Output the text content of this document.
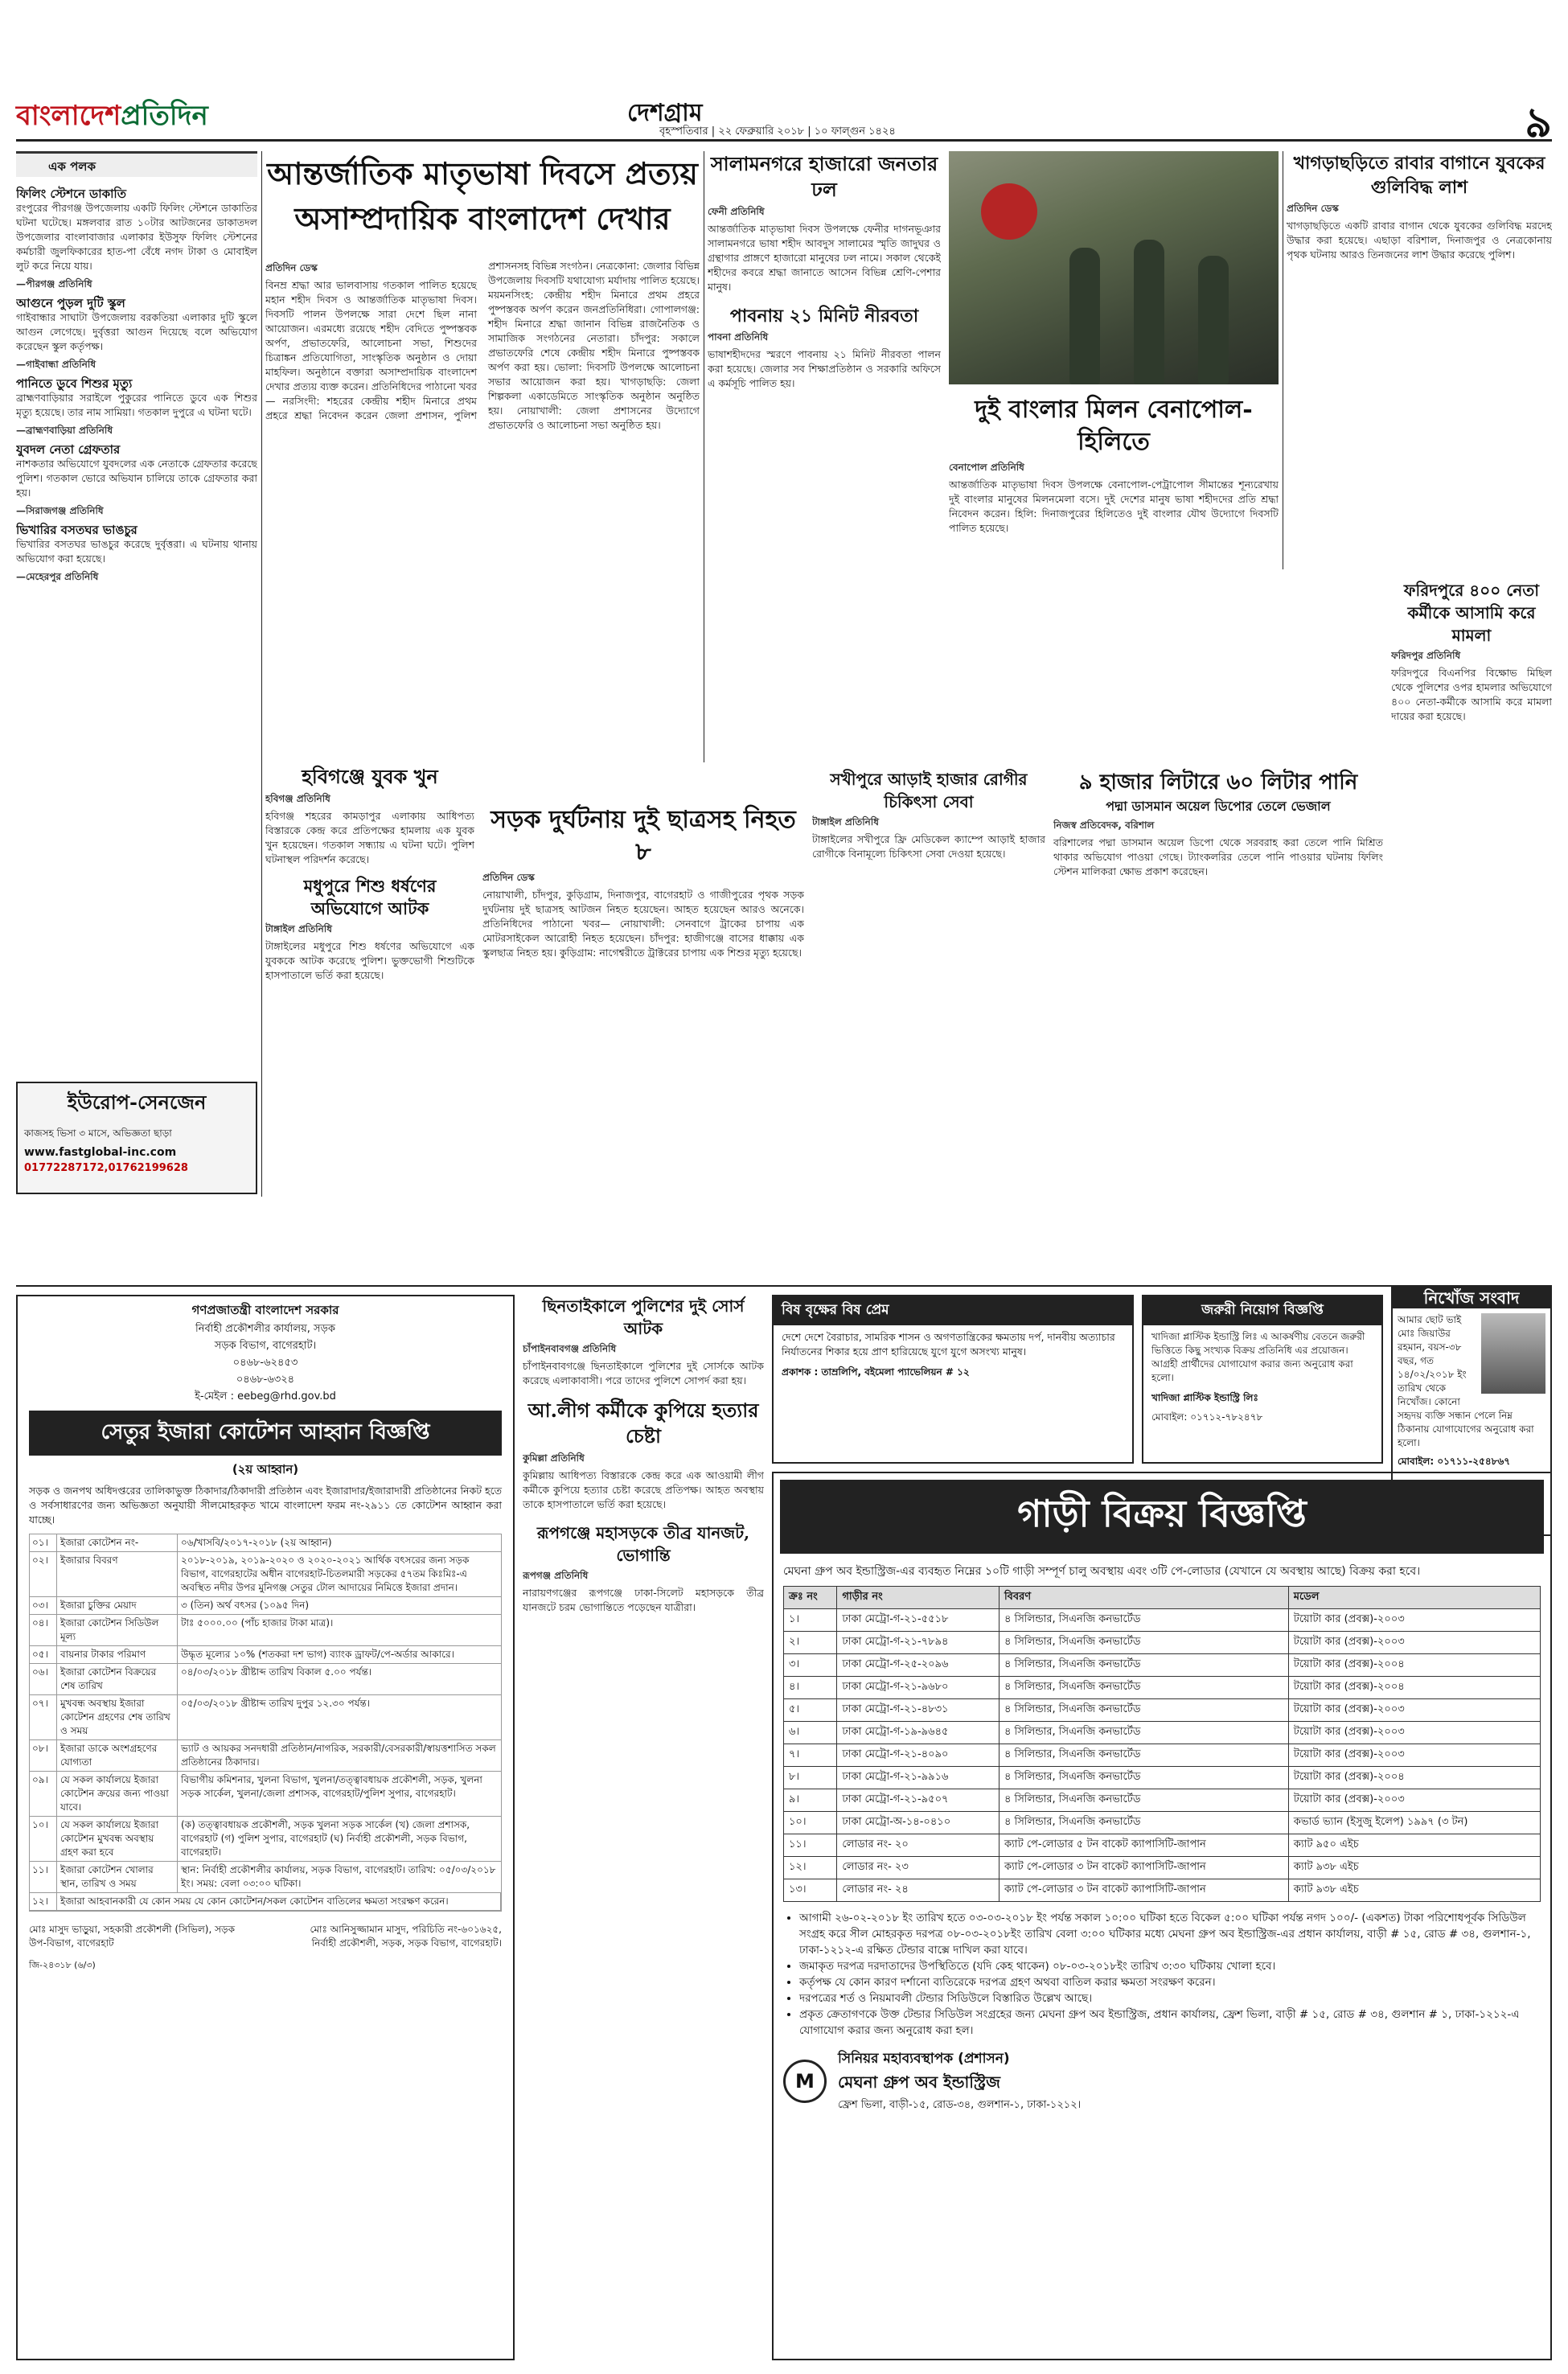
বাংলাদেশপ্রতিদিন	দেশগ্রাম
বৃহস্পতিবার | ২২ ফেব্রুয়ারি ২০১৮ | ১০ ফাল্গুন ১৪২৪	৯
এক পলক
ফিলিং স্টেশনে ডাকাতি

রংপুরের পীরগঞ্জ উপজেলায় একটি ফিলিং স্টেশনে ডাকাতির ঘটনা ঘটেছে। মঙ্গলবার রাত ১০টার আটজনের ডাকাতদল উপজেলার বাংলাবাজার এলাকার ইউসুফ ফিলিং স্টেশনের কর্মচারী জুলফিকারের হাত-পা বেঁধে নগদ টাকা ও মোবাইল লুট করে নিয়ে যায়।

—পীরগঞ্জ প্রতিনিধি

আগুনে পুড়ল দুটি স্কুল

গাইবান্ধার সাঘাটা উপজেলায় বরকতিয়া এলাকার দুটি স্কুলে আগুন লেগেছে। দুর্বৃত্তরা আগুন দিয়েছে বলে অভিযোগ করেছেন স্কুল কর্তৃপক্ষ।

—গাইবান্ধা প্রতিনিধি

পানিতে ডুবে শিশুর মৃত্যু

ব্রাহ্মণবাড়িয়ার সরাইলে পুকুরের পানিতে ডুবে এক শিশুর মৃত্যু হয়েছে। তার নাম সামিয়া। গতকাল দুপুরে এ ঘটনা ঘটে।

—ব্রাহ্মণবাড়িয়া প্রতিনিধি

যুবদল নেতা গ্রেফতার

নাশকতার অভিযোগে যুবদলের এক নেতাকে গ্রেফতার করেছে পুলিশ। গতকাল ভোরে অভিযান চালিয়ে তাকে গ্রেফতার করা হয়।

—সিরাজগঞ্জ প্রতিনিধি

ভিখারির বসতঘর ভাঙচুর

ভিখারির বসতঘর ভাঙচুর করেছে দুর্বৃত্তরা। এ ঘটনায় থানায় অভিযোগ করা হয়েছে।

—মেহেরপুর প্রতিনিধি

ইউরোপ-সেনজেন
কাজসহ ভিসা ৩ মাসে, অভিজ্ঞতা ছাড়া
www.fastglobal-inc.com
01772287172,01762199628
আন্তর্জাতিক মাতৃভাষা দিবসে প্রত্যয় অসাম্প্রদায়িক বাংলাদেশ দেখার

প্রতিদিন ডেস্ক

বিনম্র শ্রদ্ধা আর ভালবাসায় গতকাল পালিত হয়েছে মহান শহীদ দিবস ও আন্তর্জাতিক মাতৃভাষা দিবস। দিবসটি পালন উপলক্ষে সারা দেশে ছিল নানা আয়োজন। এরমধ্যে রয়েছে শহীদ বেদিতে পুষ্পস্তবক অর্পণ, প্রভাতফেরি, আলোচনা সভা, শিশুদের চিত্রাঙ্কন প্রতিযোগিতা, সাংস্কৃতিক অনুষ্ঠান ও দোয়া মাহফিল। অনুষ্ঠানে বক্তারা অসাম্প্রদায়িক বাংলাদেশ দেখার প্রত্যয় ব্যক্ত করেন। প্রতিনিধিদের পাঠানো খবর— নরসিংদী: শহরের কেন্দ্রীয় শহীদ মিনারে প্রথম প্রহরে শ্রদ্ধা নিবেদন করেন জেলা প্রশাসন, পুলিশ প্রশাসনসহ বিভিন্ন সংগঠন। নেত্রকোনা: জেলার বিভিন্ন উপজেলায় দিবসটি যথাযোগ্য মর্যাদায় পালিত হয়েছে। ময়মনসিংহ: কেন্দ্রীয় শহীদ মিনারে প্রথম প্রহরে পুষ্পস্তবক অর্পণ করেন জনপ্রতিনিধিরা। গোপালগঞ্জ: শহীদ মিনারে শ্রদ্ধা জানান বিভিন্ন রাজনৈতিক ও সামাজিক সংগঠনের নেতারা। চাঁদপুর: সকালে প্রভাতফেরি শেষে কেন্দ্রীয় শহীদ মিনারে পুষ্পস্তবক অর্পণ করা হয়। ভোলা: দিবসটি উপলক্ষে আলোচনা সভার আয়োজন করা হয়। খাগড়াছড়ি: জেলা শিল্পকলা একাডেমিতে সাংস্কৃতিক অনুষ্ঠান অনুষ্ঠিত হয়। নোয়াখালী: জেলা প্রশাসনের উদ্যোগে প্রভাতফেরি ও আলোচনা সভা অনুষ্ঠিত হয়।

হবিগঞ্জে যুবক খুন

হবিগঞ্জ প্রতিনিধি

হবিগঞ্জ শহরের কামড়াপুর এলাকায় আধিপত্য বিস্তারকে কেন্দ্র করে প্রতিপক্ষের হামলায় এক যুবক খুন হয়েছেন। গতকাল সন্ধ্যায় এ ঘটনা ঘটে। পুলিশ ঘটনাস্থল পরিদর্শন করেছে।

মধুপুরে শিশু ধর্ষণের অভিযোগে আটক

টাঙ্গাইল প্রতিনিধি

টাঙ্গাইলের মধুপুরে শিশু ধর্ষণের অভিযোগে এক যুবককে আটক করেছে পুলিশ। ভুক্তভোগী শিশুটিকে হাসপাতালে ভর্তি করা হয়েছে।

সড়ক দুর্ঘটনায় দুই ছাত্রসহ নিহত ৮

প্রতিদিন ডেস্ক

নোয়াখালী, চাঁদপুর, কুড়িগ্রাম, দিনাজপুর, বাগেরহাট ও গাজীপুরের পৃথক সড়ক দুর্ঘটনায় দুই ছাত্রসহ আটজন নিহত হয়েছেন। আহত হয়েছেন আরও অনেকে। প্রতিনিধিদের পাঠানো খবর— নোয়াখালী: সেনবাগে ট্রাকের চাপায় এক মোটরসাইকেল আরোহী নিহত হয়েছেন। চাঁদপুর: হাজীগঞ্জে বাসের ধাক্কায় এক স্কুলছাত্র নিহত হয়। কুড়িগ্রাম: নাগেশ্বরীতে ট্রাক্টরের চাপায় এক শিশুর মৃত্যু হয়েছে।

সালামনগরে হাজারো জনতার ঢল

ফেনী প্রতিনিধি

আন্তর্জাতিক মাতৃভাষা দিবস উপলক্ষে ফেনীর দাগনভূঞার সালামনগরে ভাষা শহীদ আবদুস সালামের স্মৃতি জাদুঘর ও গ্রন্থাগার প্রাঙ্গণে হাজারো মানুষের ঢল নামে। সকাল থেকেই শহীদের কবরে শ্রদ্ধা জানাতে আসেন বিভিন্ন শ্রেণি-পেশার মানুষ।

পাবনায় ২১ মিনিট নীরবতা

পাবনা প্রতিনিধি

ভাষাশহীদদের স্মরণে পাবনায় ২১ মিনিট নীরবতা পালন করা হয়েছে। জেলার সব শিক্ষাপ্রতিষ্ঠান ও সরকারি অফিসে এ কর্মসূচি পালিত হয়।

দুই বাংলার মিলন বেনাপোল-হিলিতে

বেনাপোল প্রতিনিধি

আন্তর্জাতিক মাতৃভাষা দিবস উপলক্ষে বেনাপোল-পেট্রাপোল সীমান্তের শূন্যরেখায় দুই বাংলার মানুষের মিলনমেলা বসে। দুই দেশের মানুষ ভাষা শহীদদের প্রতি শ্রদ্ধা নিবেদন করেন। হিলি: দিনাজপুরের হিলিতেও দুই বাংলার যৌথ উদ্যোগে দিবসটি পালিত হয়েছে।

সখীপুরে আড়াই হাজার রোগীর চিকিৎসা সেবা

টাঙ্গাইল প্রতিনিধি

টাঙ্গাইলের সখীপুরে ফ্রি মেডিকেল ক্যাম্পে আড়াই হাজার রোগীকে বিনামূল্যে চিকিৎসা সেবা দেওয়া হয়েছে।

৯ হাজার লিটারে ৬০ লিটার পানি
পদ্মা ডাসমান অয়েল ডিপোর তেলে ভেজাল

নিজস্ব প্রতিবেদক, বরিশাল

বরিশালের পদ্মা ডাসমান অয়েল ডিপো থেকে সরবরাহ করা তেলে পানি মিশ্রিত থাকার অভিযোগ পাওয়া গেছে। ট্যাংকলরির তেলে পানি পাওয়ার ঘটনায় ফিলিং স্টেশন মালিকরা ক্ষোভ প্রকাশ করেছেন।

খাগড়াছড়িতে রাবার বাগানে যুবকের গুলিবিদ্ধ লাশ

প্রতিদিন ডেস্ক

খাগড়াছড়িতে একটি রাবার বাগান থেকে যুবকের গুলিবিদ্ধ মরদেহ উদ্ধার করা হয়েছে। এছাড়া বরিশাল, দিনাজপুর ও নেত্রকোনায় পৃথক ঘটনায় আরও তিনজনের লাশ উদ্ধার করেছে পুলিশ।

ফরিদপুরে ৪০০ নেতা কর্মীকে আসামি করে মামলা

ফরিদপুর প্রতিনিধি

ফরিদপুরে বিএনপির বিক্ষোভ মিছিল থেকে পুলিশের ওপর হামলার অভিযোগে ৪০০ নেতা-কর্মীকে আসামি করে মামলা দায়ের করা হয়েছে।

নিখোঁজ সংবাদ

আমার ছোট ভাই মোঃ জিয়াউর রহমান, বয়স-৩৮ বছর, গত ১৪/০২/২০১৮ ইং তারিখ থেকে নিখোঁজ। কোনো সহৃদয় ব্যক্তি সন্ধান পেলে নিম্ন ঠিকানায় যোগাযোগের অনুরোধ করা হলো।

মোবাইল: ০১৭১১-২৫৪৮৬৭

গণপ্রজাতন্ত্রী বাংলাদেশ সরকার
নির্বাহী প্রকৌশলীর কার্যালয়, সড়ক
সড়ক বিভাগ, বাগেরহাট।
০৪৬৮-৬২৪৫৩
০৪৬৮-৬৩২৪
ই-মেইল : eebeg@rhd.gov.bd
সেতুর ইজারা কোটেশন আহ্বান বিজ্ঞপ্তি
(২য় আহ্বান)

সড়ক ও জনপথ অধিদপ্তরের তালিকাভুক্ত ঠিকাদার/ঠিকাদারী প্রতিষ্ঠান এবং ইজারাদার/ইজারাদারী প্রতিষ্ঠানের নিকট হতে ও সর্বসাধারণের জন্য অভিজ্ঞতা অনুযায়ী সীলমোহরকৃত খামে বাংলাদেশ ফরম নং-২৯১১ তে কোটেশন আহ্বান করা যাচ্ছে।

০১।	ইজারা কোটেশন নং-	০৬/খাসবি/২০১৭-২০১৮ (২য় আহ্বান)
০২।	ইজারার বিবরণ	২০১৮-২০১৯, ২০১৯-২০২০ ও ২০২০-২০২১ আর্থিক বৎসরের জন্য সড়ক বিভাগ, বাগেরহাটের অধীন বাগেরহাট-চিতলমারী সড়কের ৫৭তম কিঃমিঃ-এ অবস্থিত নদীর উপর মুনিগঞ্জ সেতুর টোল আদায়ের নিমিত্তে ইজারা প্রদান।
০৩।	ইজারা চুক্তির মেয়াদ	৩ (তিন) অর্থ বৎসর (১০৯৫ দিন)
০৪।	ইজারা কোটেশন সিডিউল মূল্য
টাঃ ৫০০০.০০ (পাঁচ হাজার টাকা মাত্র)।
০৫।	বায়নার টাকার পরিমাণ	উদ্ধৃত মূল্যের ১০% (শতকরা দশ ভাগ) ব্যাংক ড্রাফট/পে-অর্ডার আকারে।
০৬।	ইজারা কোটেশন বিক্রয়ের শেষ তারিখ
০৪/০৩/২০১৮ খ্রীষ্টাব্দ তারিখ বিকাল ৫.০০ পর্যন্ত।
০৭।	মুখবন্ধ অবস্থায় ইজারা কোটেশন গ্রহণের শেষ তারিখ ও সময়
০৫/০৩/২০১৮ খ্রীষ্টাব্দ তারিখ দুপুর ১২.৩০ পর্যন্ত।
০৮।	ইজারা ডাকে অংশগ্রহণের যোগ্যতা
ভ্যাট ও আয়কর সনদধারী প্রতিষ্ঠান/নাগরিক, সরকারী/বেসরকারী/স্বায়ত্তশাসিত সকল প্রতিষ্ঠানের ঠিকাদার।
০৯।	যে সকল কার্যালয়ে ইজারা কোটেশন ক্রয়ের জন্য পাওয়া যাবে।
বিভাগীয় কমিশনার, খুলনা বিভাগ, খুলনা/তত্ত্বাবধায়ক প্রকৌশলী, সড়ক, খুলনা সড়ক সার্কেল, খুলনা/জেলা প্রশাসক, বাগেরহাট/পুলিশ সুপার, বাগেরহাট।
১০।	যে সকল কার্যালয়ে ইজারা কোটেশন মুখবন্ধ অবস্থায় গ্রহণ করা হবে
(ক) তত্ত্বাবধায়ক প্রকৌশলী, সড়ক খুলনা সড়ক সার্কেল (খ) জেলা প্রশাসক, বাগেরহাট (গ) পুলিশ সুপার, বাগেরহাট (ঘ) নির্বাহী প্রকৌশলী, সড়ক বিভাগ, বাগেরহাট।
১১।	ইজারা কোটেশন খোলার স্থান, তারিখ ও সময়
স্থান: নির্বাহী প্রকৌশলীর কার্যালয়, সড়ক বিভাগ, বাগেরহাট। তারিখ: ০৫/০৩/২০১৮ ইং। সময়: বেলা ০৩:০০ ঘটিকা।
১২।	ইজারা আহবানকারী যে কোন সময় যে কোন কোটেশন/সকল কোটেশন বাতিলের ক্ষমতা সংরক্ষণ করেন।
মোঃ মাসুদ ভাড়ুয়া, সহকারী প্রকৌশলী (সিভিল), সড়ক উপ-বিভাগ, বাগেরহাট
মোঃ আনিসুজ্জামান মাসুদ, পরিচিতি নং-৬০১৬২৫, নির্বাহী প্রকৌশলী, সড়ক, সড়ক বিভাগ, বাগেরহাট।
জি-২৪৩১৮ (৬/৩)
ছিনতাইকালে পুলিশের দুই সোর্স আটক

চাঁপাইনবাবগঞ্জ প্রতিনিধি

চাঁপাইনবাবগঞ্জে ছিনতাইকালে পুলিশের দুই সোর্সকে আটক করেছে এলাকাবাসী। পরে তাদের পুলিশে সোপর্দ করা হয়।

আ.লীগ কর্মীকে কুপিয়ে হত্যার চেষ্টা

কুমিল্লা প্রতিনিধি

কুমিল্লায় আধিপত্য বিস্তারকে কেন্দ্র করে এক আওয়ামী লীগ কর্মীকে কুপিয়ে হত্যার চেষ্টা করেছে প্রতিপক্ষ। আহত অবস্থায় তাকে হাসপাতালে ভর্তি করা হয়েছে।

রূপগঞ্জে মহাসড়কে তীব্র যানজট, ভোগান্তি

রূপগঞ্জ প্রতিনিধি

নারায়ণগঞ্জের রূপগঞ্জে ঢাকা-সিলেট মহাসড়কে তীব্র যানজটে চরম ভোগান্তিতে পড়েছেন যাত্রীরা।

বিষ বৃক্ষের বিষ প্রেম

দেশে দেশে বৈরাচার, সামরিক শাসন ও অগণতান্ত্রিকের ক্ষমতায় দর্প, দানবীয় অত্যাচার নির্যাতনের শিকার হয়ে প্রাণ হারিয়েছে যুগে যুগে অসংখ্য মানুষ।

প্রকাশক : তাম্রলিপি, বইমেলা প্যাভেলিয়ন # ১২

জরুরী নিয়োগ বিজ্ঞপ্তি

খাদিজা প্লাস্টিক ইন্ডাস্ট্রি লিঃ এ আকর্ষণীয় বেতনে জরুরী ভিত্তিতে কিছু সংখ্যক বিক্রয় প্রতিনিধি এর প্রয়োজন। আগ্রহী প্রার্থীদের যোগাযোগ করার জন্য অনুরোধ করা হলো।

খাদিজা প্লাস্টিক ইন্ডাস্ট্রি লিঃ

মোবাইল: ০১৭১২-৭৮২৪৭৮

গাড়ী বিক্রয় বিজ্ঞপ্তি

মেঘনা গ্রুপ অব ইন্ডাস্ট্রিজ-এর ব্যবহৃত নিম্নের ১০টি গাড়ী সম্পূর্ণ চালু অবস্থায় এবং ৩টি পে-লোডার (যেখানে যে অবস্থায় আছে) বিক্রয় করা হবে।

ক্রঃ নং	গাড়ীর নং	বিবরণ	মডেল
১।	ঢাকা মেট্রো-গ-২১-৫৫১৮	৪ সিলিন্ডার, সিএনজি কনভার্টেড	টয়োটা কার (প্রবক্স)-২০০৩
২।	ঢাকা মেট্রো-গ-২১-৭৮৯৪	৪ সিলিন্ডার, সিএনজি কনভার্টেড	টয়োটা কার (প্রবক্স)-২০০৩
৩।	ঢাকা মেট্রো-গ-২৫-২০৯৬	৪ সিলিন্ডার, সিএনজি কনভার্টেড	টয়োটা কার (প্রবক্স)-২০০৪
৪।	ঢাকা মেট্রো-গ-২১-৯৬৮০	৪ সিলিন্ডার, সিএনজি কনভার্টেড	টয়োটা কার (প্রবক্স)-২০০৪
৫।	ঢাকা মেট্রো-গ-২১-৪৮৩১	৪ সিলিন্ডার, সিএনজি কনভার্টেড	টয়োটা কার (প্রবক্স)-২০০৩
৬।	ঢাকা মেট্রো-গ-১৯-৯৬৪৫	৪ সিলিন্ডার, সিএনজি কনভার্টেড	টয়োটা কার (প্রবক্স)-২০০৩
৭।	ঢাকা মেট্রো-গ-২১-৪০৯০	৪ সিলিন্ডার, সিএনজি কনভার্টেড	টয়োটা কার (প্রবক্স)-২০০৩
৮।	ঢাকা মেট্রো-গ-২১-৯৯১৬	৪ সিলিন্ডার, সিএনজি কনভার্টেড	টয়োটা কার (প্রবক্স)-২০০৪
৯।	ঢাকা মেট্রো-গ-২১-৯৫০৭	৪ সিলিন্ডার, সিএনজি কনভার্টেড	টয়োটা কার (প্রবক্স)-২০০৩
১০।	ঢাকা মেট্রো-অ-১৪-০৪১০	৪ সিলিন্ডার, সিএনজি কনভার্টেড	কভার্ড ভ্যান (ইসুজু ইলেপ) ১৯৯৭ (৩ টন)
১১।	লোডার নং- ২০	ক্যাট পে-লোডার ৫ টন বাকেট ক্যাপাসিটি-জাপান	ক্যাট ৯৫০ এইচ
১২।	লোডার নং- ২৩	ক্যাট পে-লোডার ৩ টন বাকেট ক্যাপাসিটি-জাপান	ক্যাট ৯৩৮ এইচ
১৩।	লোডার নং- ২৪	ক্যাট পে-লোডার ৩ টন বাকেট ক্যাপাসিটি-জাপান	ক্যাট ৯৩৮ এইচ
• আগামী ২৬-০২-২০১৮ ইং তারিখ হতে ০৩-০৩-২০১৮ ইং পর্যন্ত সকাল ১০:০০ ঘটিকা হতে বিকেল ৫:০০ ঘটিকা পর্যন্ত নগদ ১০০/- (একশত) টাকা পরিশোধপূর্বক সিডিউল সংগ্রহ করে সীল মোহরকৃত দরপত্র ০৮-০৩-২০১৮ইং তারিখ বেলা ৩:০০ ঘটিকার মধ্যে মেঘনা গ্রুপ অব ইন্ডাস্ট্রিজ-এর প্রধান কার্যালয়, বাড়ী # ১৫, রোড # ৩৪, গুলশান-১, ঢাকা-১২১২-এ রক্ষিত টেন্ডার বাক্সে দাখিল করা যাবে।
• জমাকৃত দরপত্র দরদাতাদের উপস্থিতিতে (যদি কেহ থাকেন) ০৮-০৩-২০১৮ইং তারিখ ৩:৩০ ঘটিকায় খোলা হবে।
• কর্তৃপক্ষ যে কোন কারণ দর্শানো ব্যতিরেকে দরপত্র গ্রহণ অথবা বাতিল করার ক্ষমতা সংরক্ষণ করেন।
• দরপত্রের শর্ত ও নিয়মাবলী টেন্ডার সিডিউলে বিস্তারিত উল্লেখ আছে।
• প্রকৃত ক্রেতাগণকে উক্ত টেন্ডার সিডিউল সংগ্রহের জন্য মেঘনা গ্রুপ অব ইন্ডাস্ট্রিজ, প্রধান কার্যালয়, ফ্রেশ ভিলা, বাড়ী # ১৫, রোড # ৩৪, গুলশান # ১, ঢাকা-১২১২-এ যোগাযোগ করার জন্য অনুরোধ করা হল।
M
সিনিয়র মহাব্যবস্থাপক (প্রশাসন)
মেঘনা গ্রুপ অব ইন্ডাস্ট্রিজ
ফ্রেশ ভিলা, বাড়ী-১৫, রোড-৩৪, গুলশান-১, ঢাকা-১২১২।
